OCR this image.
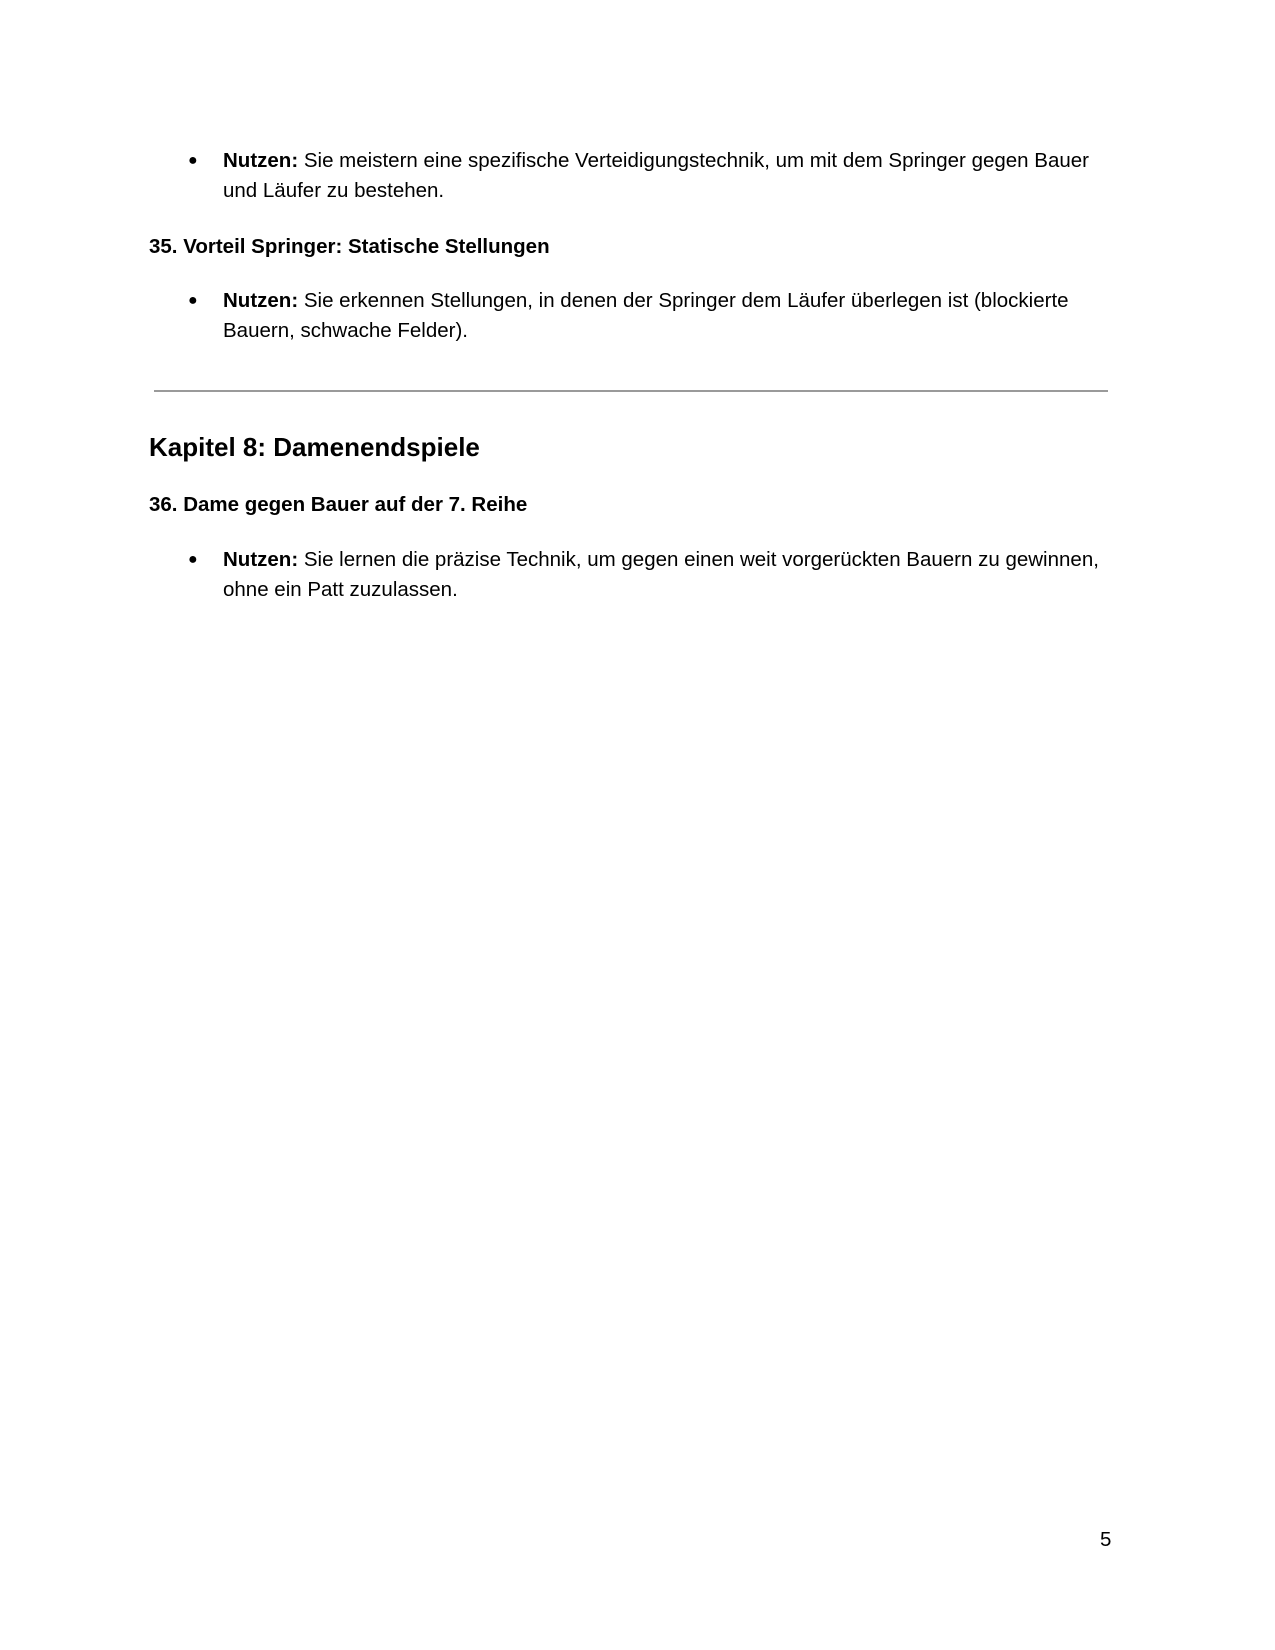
● Nutzen: Sie meistern eine spezifische Verteidigungstechnik, um mit dem Springer gegen Bauer und Läufer zu bestehen.
35. Vorteil Springer: Statische Stellungen
● Nutzen: Sie erkennen Stellungen, in denen der Springer dem Läufer überlegen ist (blockierte Bauern, schwache Felder).
Kapitel 8: Damenendspiele
36. Dame gegen Bauer auf der 7. Reihe
● Nutzen: Sie lernen die präzise Technik, um gegen einen weit vorgerückten Bauern zu gewinnen, ohne ein Patt zuzulassen.
5
